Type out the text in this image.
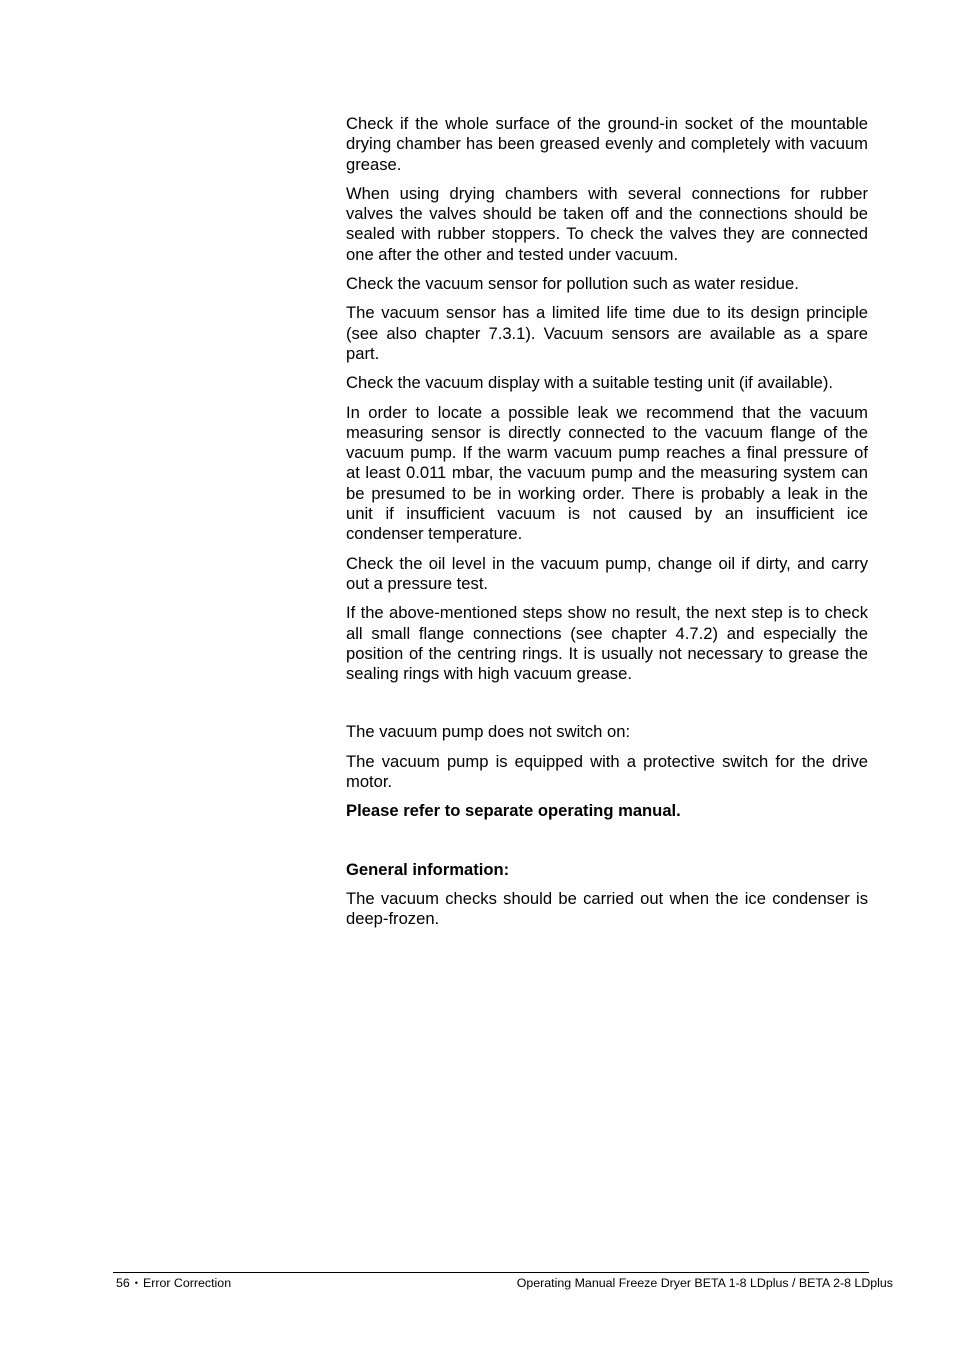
Check if the whole surface of the ground-in socket of the mountable drying chamber has been greased evenly and completely with vacuum grease.

When using drying chambers with several connections for rubber valves the valves should be taken off and the connections should be sealed with rubber stoppers. To check the valves they are connected one after the other and tested under vacuum.

Check the vacuum sensor for pollution such as water residue.

The vacuum sensor has a limited life time due to its design principle (see also chapter 7.3.1). Vacuum sensors are available as a spare part.

Check the vacuum display with a suitable testing unit (if available).

In order to locate a possible leak we recommend that the vacuum measuring sensor is directly connected to the vacuum flange of the vacuum pump. If the warm vacuum pump reaches a final pressure of at least 0.011 mbar, the vacuum pump and the measuring system can be presumed to be in working order. There is probably a leak in the unit if insufficient vacuum is not caused by an insufficient ice condenser temperature.

Check the oil level in the vacuum pump, change oil if dirty, and carry out a pressure test.

If the above-mentioned steps show no result, the next step is to check all small flange connections (see chapter 4.7.2) and especially the position of the centring rings. It is usually not necessary to grease the sealing rings with high vacuum grease.

The vacuum pump does not switch on:

The vacuum pump is equipped with a protective switch for the drive motor.

Please refer to separate operating manual.

General information:

The vacuum checks should be carried out when the ice condenser is deep-frozen.

56 • Error Correction	Operating Manual Freeze Dryer BETA 1-8 LDplus / BETA 2-8 LDplus
